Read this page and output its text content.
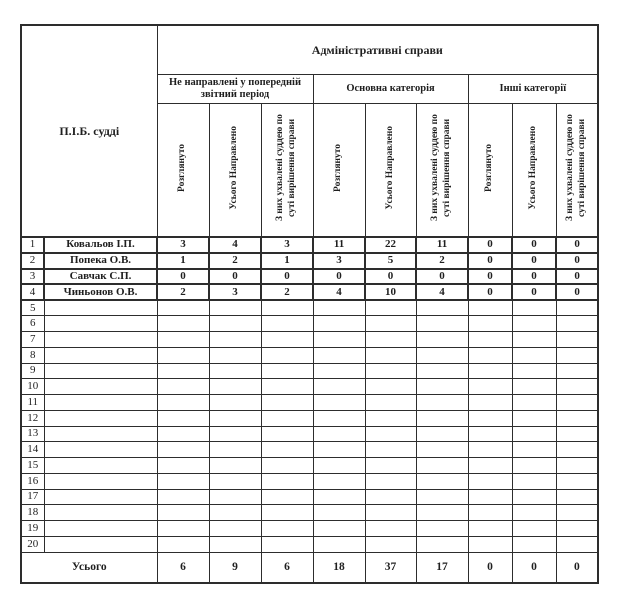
П.І.Б. судді		Адміністративні справи								
		Не направлені у попередній звітний період			Основна категорія			Інші категорії		
		Розглянуто	Усього Направлено	З них ухвалені суддею по суті вирішення справи	Розглянуто	Усього Направлено	З них ухвалені суддею по суті вирішення справи	Розглянуто	Усього Направлено	З них ухвалені суддею по суті вирішення справи
1	Ковальов І.П.	3	4	3	11	22	11	0	0	0
2	Попека О.В.	1	2	1	3	5	2	0	0	0
3	Савчак С.П.	0	0	0	0	0	0	0	0	0
4	Чиньонов О.В.	2	3	2	4	10	4	0	0	0
5										
6										
7										
8										
9										
10										
11										
12										
13										
14										
15										
16										
17										
18										
19										
20										
Усього		6	9	6	18	37	17	0	0	0
